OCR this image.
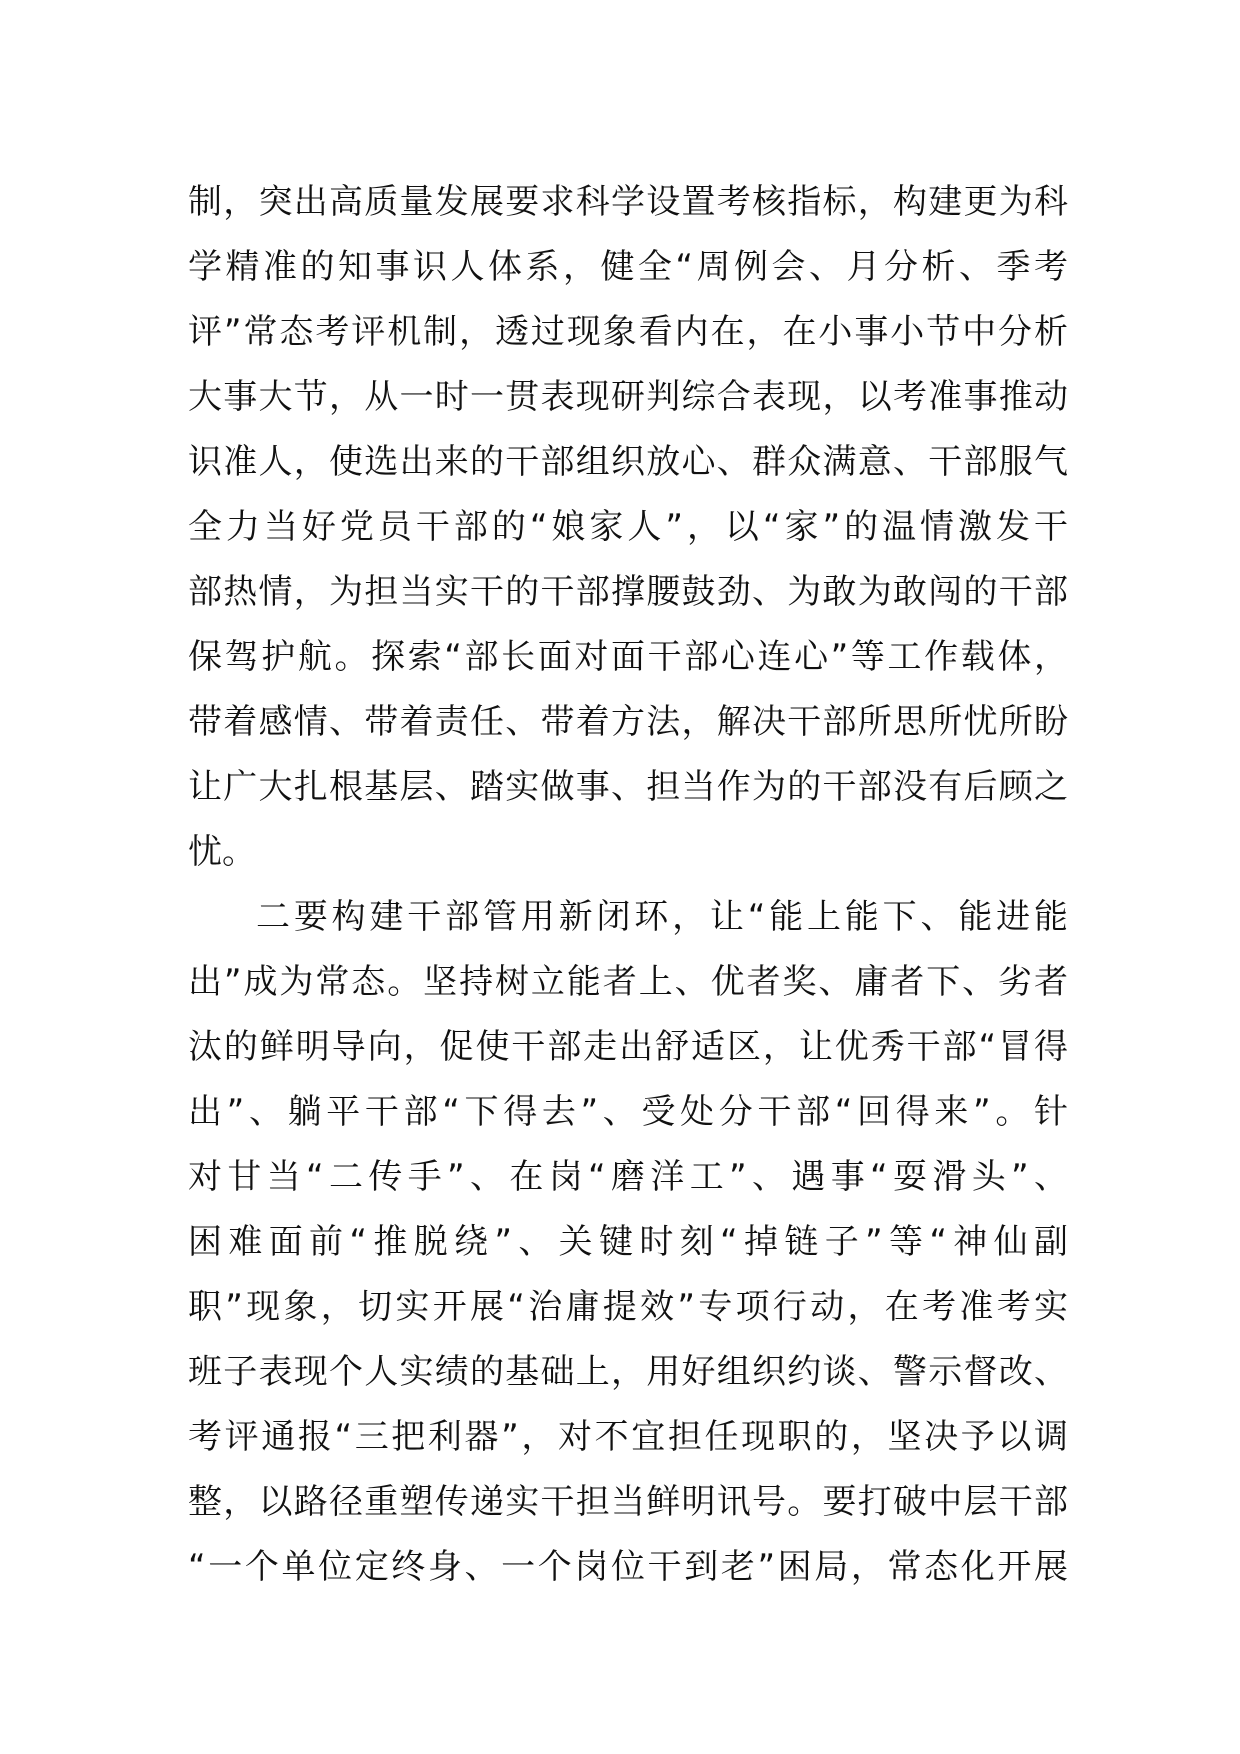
制，突出高质量发展要求科学设置考核指标，构建更为科
学精准的知事识人体系，健全“周例会、月分析、季考
评”常态考评机制，透过现象看内在，在小事小节中分析
大事大节，从一时一贯表现研判综合表现，以考准事推动
识准人，使选出来的干部组织放心、群众满意、干部服气
全力当好党员干部的“娘家人”，以“家”的温情激发干
部热情，为担当实干的干部撑腰鼓劲、为敢为敢闯的干部
保驾护航。探索“部长面对面干部心连心”等工作载体，
带着感情、带着责任、带着方法，解决干部所思所忧所盼
让广大扎根基层、踏实做事、担当作为的干部没有后顾之
忧。
二要构建干部管用新闭环，让“能上能下、能进能
出”成为常态。坚持树立能者上、优者奖、庸者下、劣者
汰的鲜明导向，促使干部走出舒适区，让优秀干部“冒得
出”、躺平干部“下得去”、受处分干部“回得来”。针
对甘当“二传手”、在岗“磨洋工”、遇事“耍滑头”、
困难面前“推脱绕”、关键时刻“掉链子”等“神仙副
职”现象，切实开展“治庸提效”专项行动，在考准考实
班子表现个人实绩的基础上，用好组织约谈、警示督改、
考评通报“三把利器”，对不宜担任现职的，坚决予以调
整，以路径重塑传递实干担当鲜明讯号。要打破中层干部
“一个单位定终身、一个岗位干到老”困局，常态化开展
